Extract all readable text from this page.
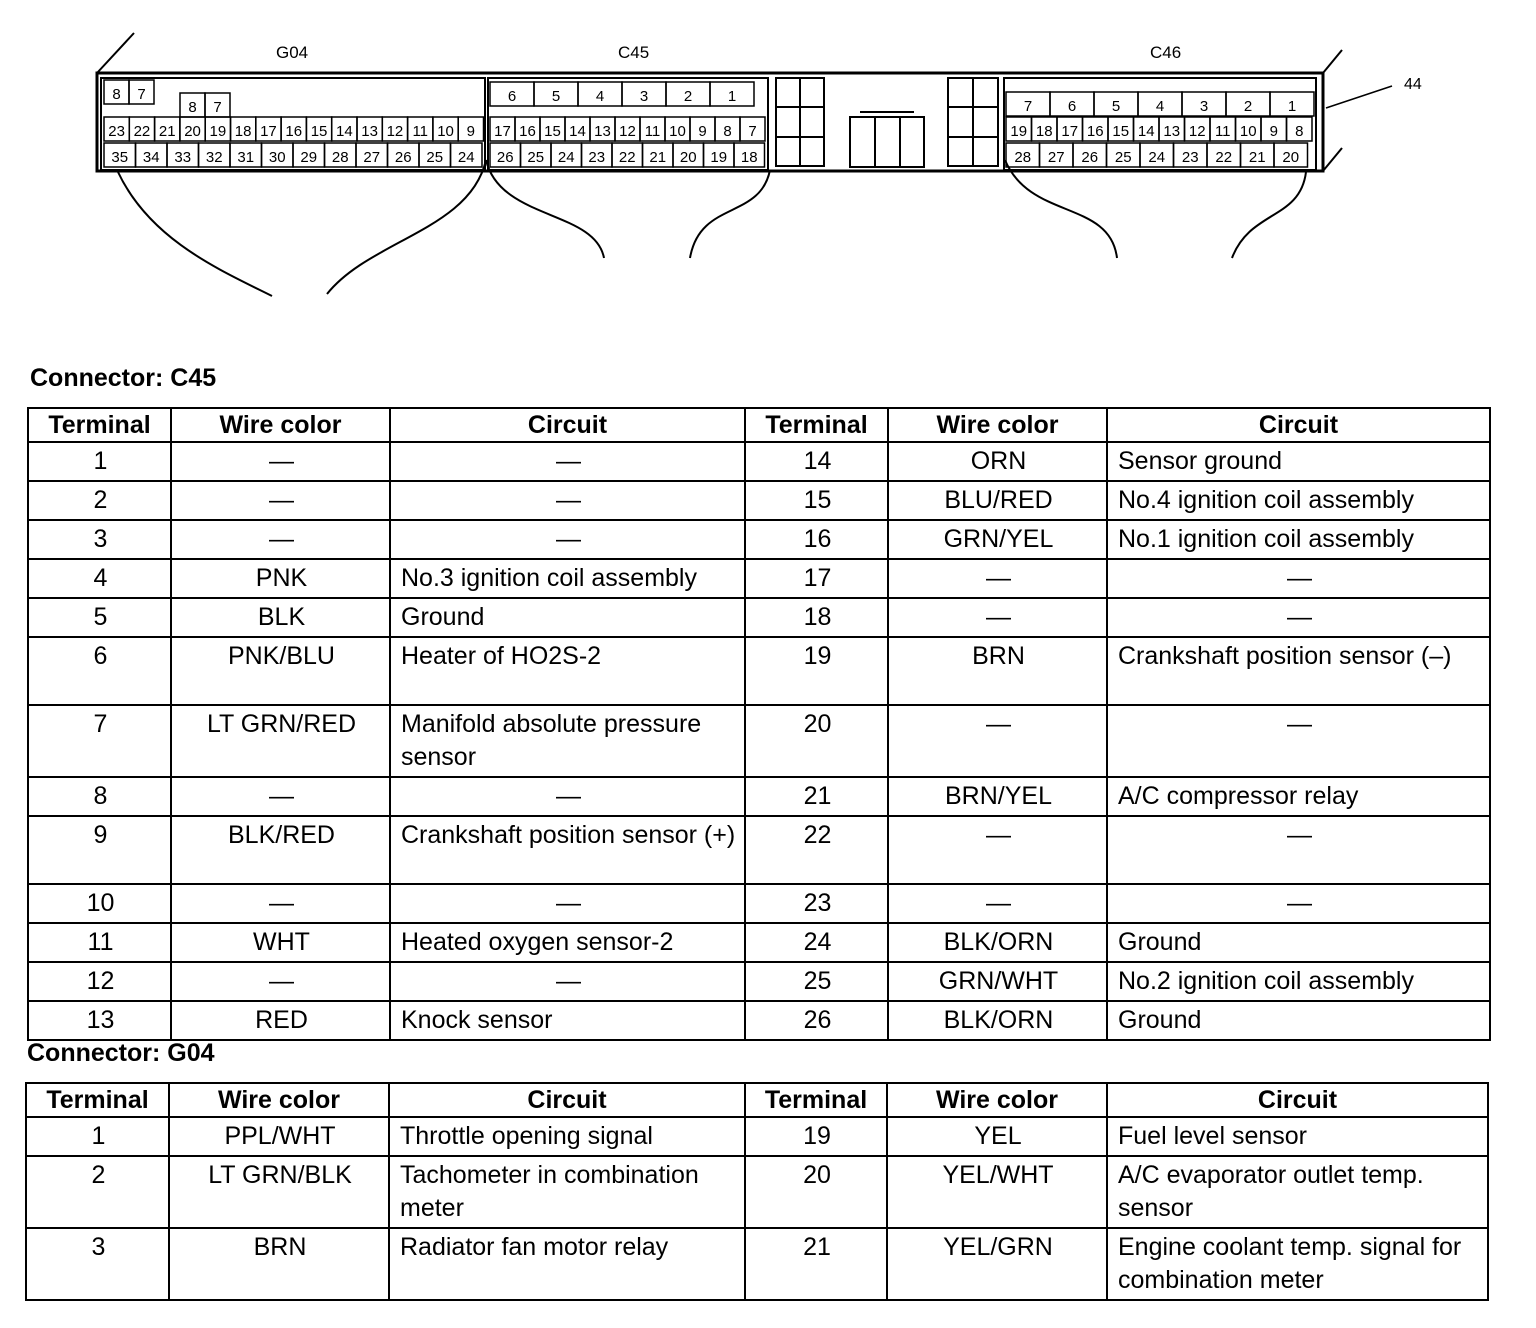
44
G04	C45	C46
8 7
8 7
23 22 21 20 19 18 17 16 15 14 13 12 11 10 9
35 34 33 32 31 30 29 28 27 26 25 24
6 5 4 3 2 1
17 16 15 14 13 12 11 10 9 8 7
26 25 24 23 22 21 20 19 18
7 6 5 4 3 2 1
19 18 17 16 15 14 13 12 11 10 9 8
28 27 26 25 24 23 22 21 20
Connector: C45
Terminal	Wire color	Circuit	Terminal	Wire color	Circuit
1	—	—	14	ORN	Sensor ground
2	—	—	15	BLU/RED	No.4 ignition coil assembly
3	—	—	16	GRN/YEL	No.1 ignition coil assembly
4	PNK	No.3 ignition coil assembly	17	—	—
5	BLK	Ground	18	—	—
6	PNK/BLU	Heater of HO2S-2	19	BRN	Crankshaft position sensor (–)
7	LT GRN/RED	Manifold absolute pressure sensor	20	—	—
8	—	—	21	BRN/YEL	A/C compressor relay
9	BLK/RED	Crankshaft position sensor (+)	22	—	—
10	—	—	23	—	—
11	WHT	Heated oxygen sensor-2	24	BLK/ORN	Ground
12	—	—	25	GRN/WHT	No.2 ignition coil assembly
13	RED	Knock sensor	26	BLK/ORN	Ground
Connector: G04
Terminal	Wire color	Circuit	Terminal	Wire color	Circuit
1	PPL/WHT	Throttle opening signal	19	YEL	Fuel level sensor
2	LT GRN/BLK	Tachometer in combination meter	20	YEL/WHT	A/C evaporator outlet temp. sensor
3	BRN	Radiator fan motor relay	21	YEL/GRN	Engine coolant temp. signal for combination meter
